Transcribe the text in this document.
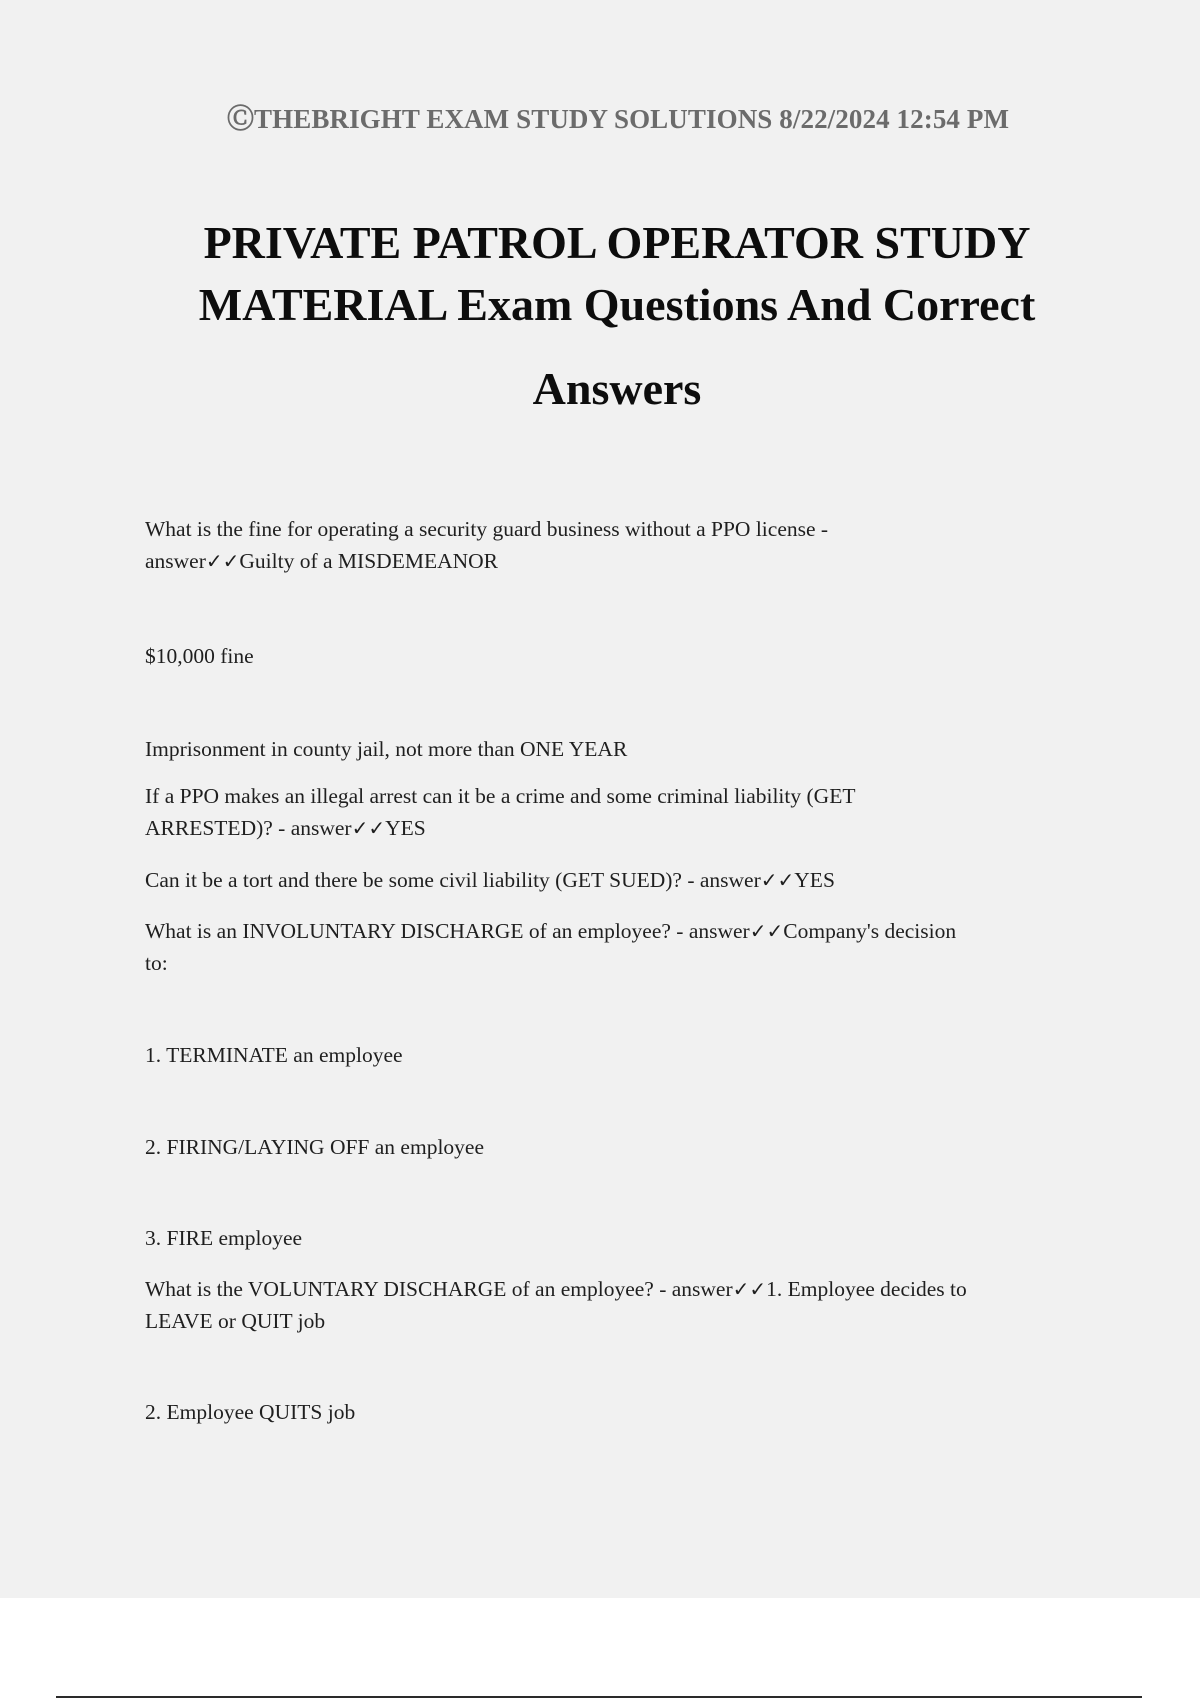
ⒸTHEBRIGHT EXAM STUDY SOLUTIONS 8/22/2024 12:54 PM
PRIVATE PATROL OPERATOR STUDY
MATERIAL Exam Questions And Correct
Answers
What is the fine for operating a security guard business without a PPO license -
answer✓✓Guilty of a MISDEMEANOR
$10,000 fine
Imprisonment in county jail, not more than ONE YEAR
If a PPO makes an illegal arrest can it be a crime and some criminal liability (GET
ARRESTED)? - answer✓✓YES
Can it be a tort and there be some civil liability (GET SUED)? - answer✓✓YES
What is an INVOLUNTARY DISCHARGE of an employee? - answer✓✓Company's decision
to:
1. TERMINATE an employee
2. FIRING/LAYING OFF an employee
3. FIRE employee
What is the VOLUNTARY DISCHARGE of an employee? - answer✓✓1. Employee decides to
LEAVE or QUIT job
2. Employee QUITS job
